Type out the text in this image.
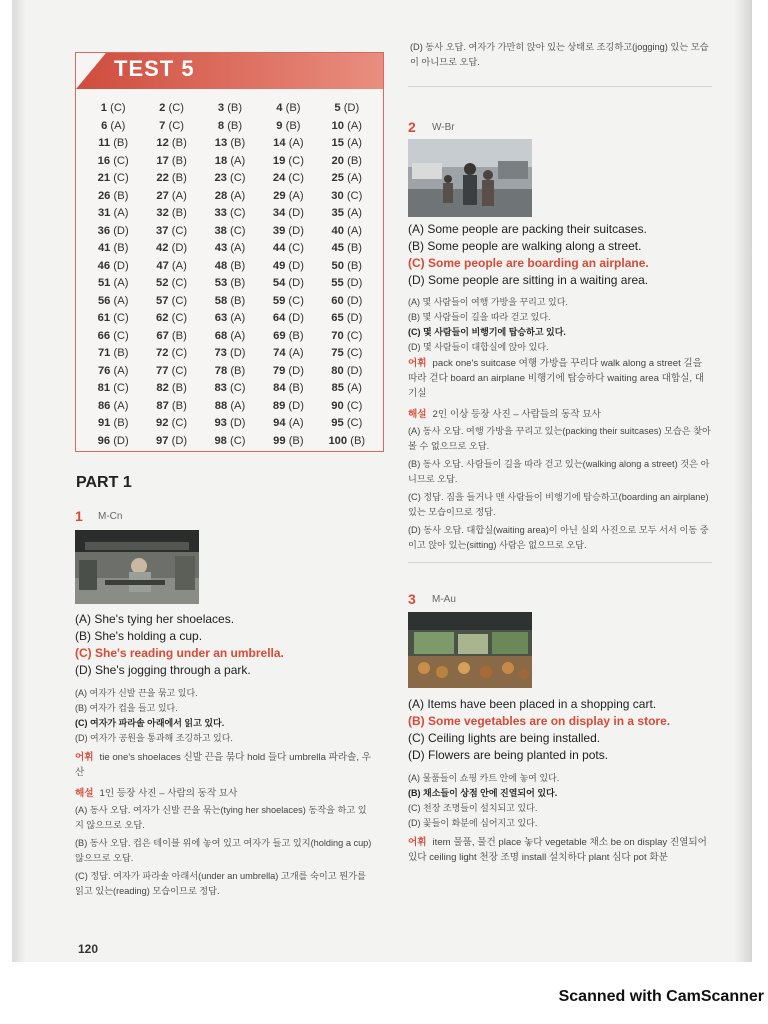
TEST 5
1 (C)	2 (C)	3 (B)	4 (B)	5 (D)
6 (A)	7 (C)	8 (B)	9 (B)	10 (A)
11 (B)	12 (B)	13 (B)	14 (A)	15 (A)
16 (C)	17 (B)	18 (A)	19 (C)	20 (B)
21 (C)	22 (B)	23 (C)	24 (C)	25 (A)
26 (B)	27 (A)	28 (A)	29 (A)	30 (C)
31 (A)	32 (B)	33 (C)	34 (D)	35 (A)
36 (D)	37 (C)	38 (C)	39 (D)	40 (A)
41 (B)	42 (D)	43 (A)	44 (C)	45 (B)
46 (D)	47 (A)	48 (B)	49 (D)	50 (B)
51 (A)	52 (C)	53 (B)	54 (D)	55 (D)
56 (A)	57 (C)	58 (B)	59 (C)	60 (D)
61 (C)	62 (C)	63 (A)	64 (D)	65 (D)
66 (C)	67 (B)	68 (A)	69 (B)	70 (C)
71 (B)	72 (C)	73 (D)	74 (A)	75 (C)
76 (A)	77 (C)	78 (B)	79 (D)	80 (D)
81 (C)	82 (B)	83 (C)	84 (B)	85 (A)
86 (A)	87 (B)	88 (A)	89 (D)	90 (C)
91 (B)	92 (C)	93 (D)	94 (A)	95 (C)
96 (D)	97 (D)	98 (C)	99 (B)	100 (B)
PART 1
1 M-Cn
(A) She's tying her shoelaces.
(B) She's holding a cup.
(C) She's reading under an umbrella.
(D) She's jogging through a park.
(A) 여자가 신발 끈을 묶고 있다.
(B) 여자가 컵을 들고 있다.
(C) 여자가 파라솔 아래에서 읽고 있다.
(D) 여자가 공원을 통과해 조깅하고 있다.
어휘 tie one's shoelaces 신발 끈을 묶다 hold 들다 umbrella 파라솔, 우산
해설 1인 등장 사진 – 사람의 동작 묘사
(A) 동사 오답. 여자가 신발 끈을 묶는(tying her shoelaces) 동작을 하고 있지 않으므로 오답.
(B) 동사 오답. 컵은 테이블 위에 놓여 있고 여자가 들고 있지(holding a cup) 않으므로 오답.
(C) 정답. 여자가 파라솔 아래서(under an umbrella) 고개를 숙이고 뭔가를 읽고 있는(reading) 모습이므로 정답.
120
(D) 동사 오답. 여자가 가만히 앉아 있는 상태로 조깅하고(jogging) 있는 모습이 아니므로 오답.
2 W-Br
(A) Some people are packing their suitcases.
(B) Some people are walking along a street.
(C) Some people are boarding an airplane.
(D) Some people are sitting in a waiting area.
(A) 몇 사람들이 여행 가방을 꾸리고 있다.
(B) 몇 사람들이 길을 따라 걷고 있다.
(C) 몇 사람들이 비행기에 탑승하고 있다.
(D) 몇 사람들이 대합실에 앉아 있다.
어휘 pack one's suitcase 여행 가방을 꾸리다 walk along a street 길을 따라 걷다 board an airplane 비행기에 탑승하다 waiting area 대합실, 대기실
해설 2인 이상 등장 사진 – 사람들의 동작 묘사
(A) 동사 오답. 여행 가방을 꾸리고 있는(packing their suitcases) 모습은 찾아볼 수 없으므로 오답.
(B) 동사 오답. 사람들이 길을 따라 걷고 있는(walking along a street) 것은 아니므로 오답.
(C) 정답. 짐을 들거나 맨 사람들이 비행기에 탑승하고(boarding an airplane) 있는 모습이므로 정답.
(D) 동사 오답. 대합실(waiting area)이 아닌 실외 사진으로 모두 서서 이동 중이고 앉아 있는(sitting) 사람은 없으므로 오답.
3 M-Au
(A) Items have been placed in a shopping cart.
(B) Some vegetables are on display in a store.
(C) Ceiling lights are being installed.
(D) Flowers are being planted in pots.
(A) 물품들이 쇼핑 카트 안에 놓여 있다.
(B) 채소들이 상점 안에 진열되어 있다.
(C) 천장 조명들이 설치되고 있다.
(D) 꽃들이 화분에 심어지고 있다.
어휘 item 물품, 물건 place 놓다 vegetable 채소 be on display 진열되어 있다 ceiling light 천장 조명 install 설치하다 plant 심다 pot 화분
Scanned with CamScanner
